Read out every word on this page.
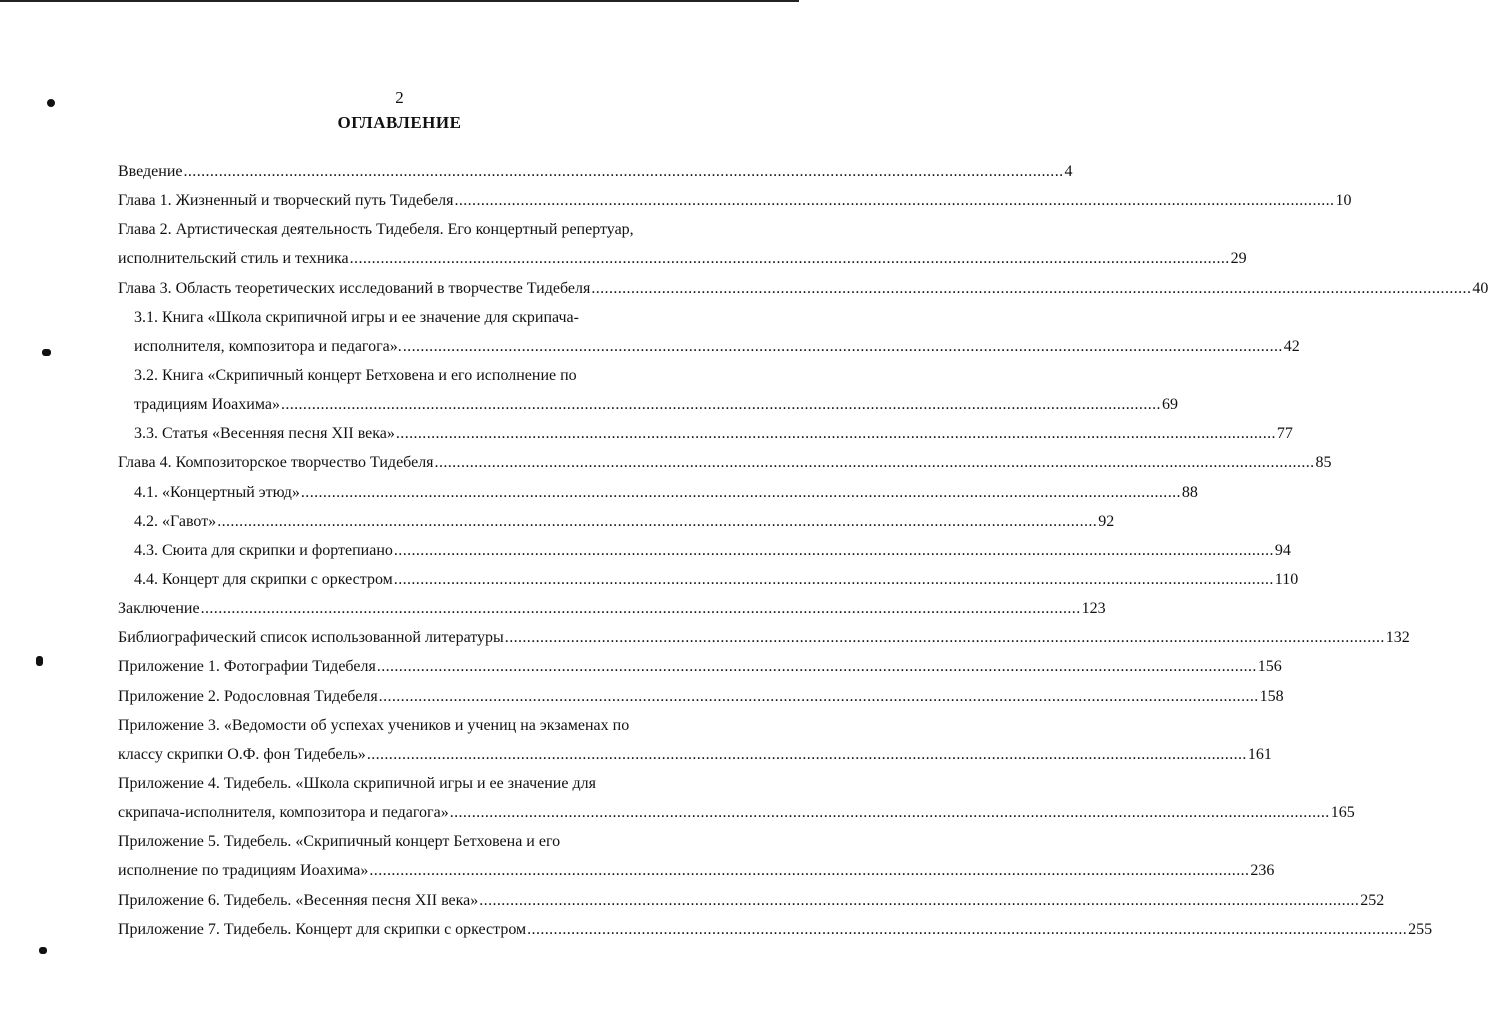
2
ОГЛАВЛЕНИЕ
Введение ........................................................................................................................................................................................................ 4
Глава 1. Жизненный и творческий путь Тидебеля ........................................................................................................................................................................................................ 10
Глава 2. Артистическая деятельность Тидебеля. Его концертный репертуар,
исполнительский стиль и техника ........................................................................................................................................................................................................ 29
Глава 3. Область теоретических исследований в творчестве Тидебеля ........................................................................................................................................................................................................ 40
3.1. Книга «Школа скрипичной игры и ее значение для скрипача-
исполнителя, композитора и педагога». ........................................................................................................................................................................................................ 42
3.2. Книга «Скрипичный концерт Бетховена и его исполнение по
традициям Иоахима» ........................................................................................................................................................................................................ 69
3.3. Статья «Весенняя песня XII века» ........................................................................................................................................................................................................ 77
Глава 4. Композиторское творчество Тидебеля ........................................................................................................................................................................................................ 85
4.1. «Концертный этюд» ........................................................................................................................................................................................................ 88
4.2. «Гавот» ........................................................................................................................................................................................................ 92
4.3. Сюита для скрипки и фортепиано ........................................................................................................................................................................................................ 94
4.4. Концерт для скрипки с оркестром ........................................................................................................................................................................................................ 110
Заключение ........................................................................................................................................................................................................ 123
Библиографический список использованной литературы ........................................................................................................................................................................................................ 132
Приложение 1. Фотографии Тидебеля ........................................................................................................................................................................................................ 156
Приложение 2. Родословная Тидебеля ........................................................................................................................................................................................................ 158
Приложение 3. «Ведомости об успехах учеников и учениц на экзаменах по
классу скрипки О.Ф. фон Тидебель» ........................................................................................................................................................................................................ 161
Приложение 4. Тидебель. «Школа скрипичной игры и ее значение для
скрипача-исполнителя, композитора и педагога» ........................................................................................................................................................................................................ 165
Приложение 5. Тидебель. «Скрипичный концерт Бетховена и его
исполнение по традициям Иоахима» ........................................................................................................................................................................................................ 236
Приложение 6. Тидебель. «Весенняя песня XII века» ........................................................................................................................................................................................................ 252
Приложение 7. Тидебель. Концерт для скрипки с оркестром ........................................................................................................................................................................................................ 255
